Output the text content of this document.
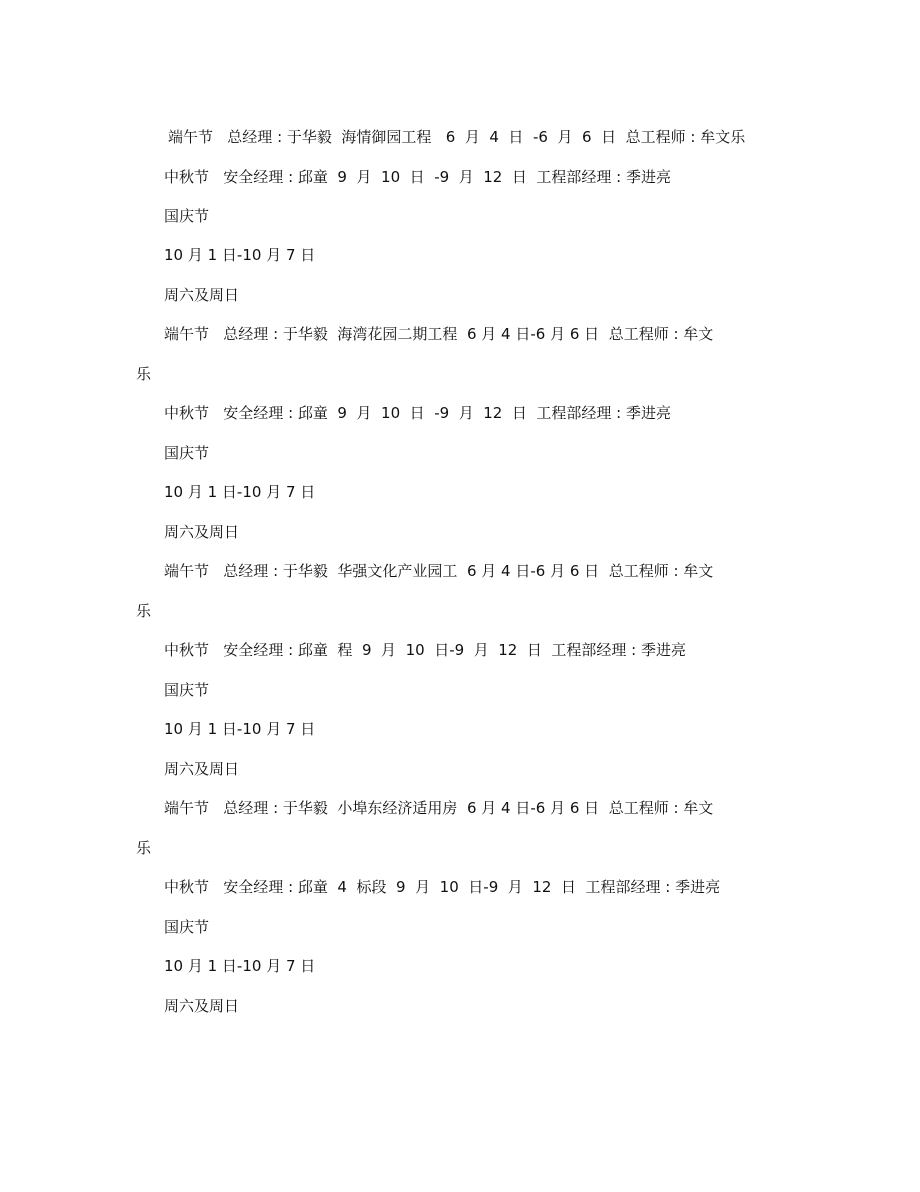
端午节   总经理 : 于华毅  海情御园工程   6  月  4  日  -6  月  6  日  总工程师 : 牟文乐
中秋节   安全经理 : 邱童  9  月  10  日  -9  月  12  日  工程部经理 : 季进亮
国庆节
10 月 1 日-10 月 7 日
周六及周日
端午节   总经理 : 于华毅  海湾花园二期工程  6 月 4 日-6 月 6 日  总工程师 : 牟文
乐
中秋节   安全经理 : 邱童  9  月  10  日  -9  月  12  日  工程部经理 : 季进亮
国庆节
10 月 1 日-10 月 7 日
周六及周日
端午节   总经理 : 于华毅  华强文化产业园工  6 月 4 日-6 月 6 日  总工程师 : 牟文
乐
中秋节   安全经理 : 邱童  程  9  月  10  日-9  月  12  日  工程部经理 : 季进亮
国庆节
10 月 1 日-10 月 7 日
周六及周日
端午节   总经理 : 于华毅  小埠东经济适用房  6 月 4 日-6 月 6 日  总工程师 : 牟文
乐
中秋节   安全经理 : 邱童  4  标段  9  月  10  日-9  月  12  日  工程部经理 : 季进亮
国庆节
10 月 1 日-10 月 7 日
周六及周日
